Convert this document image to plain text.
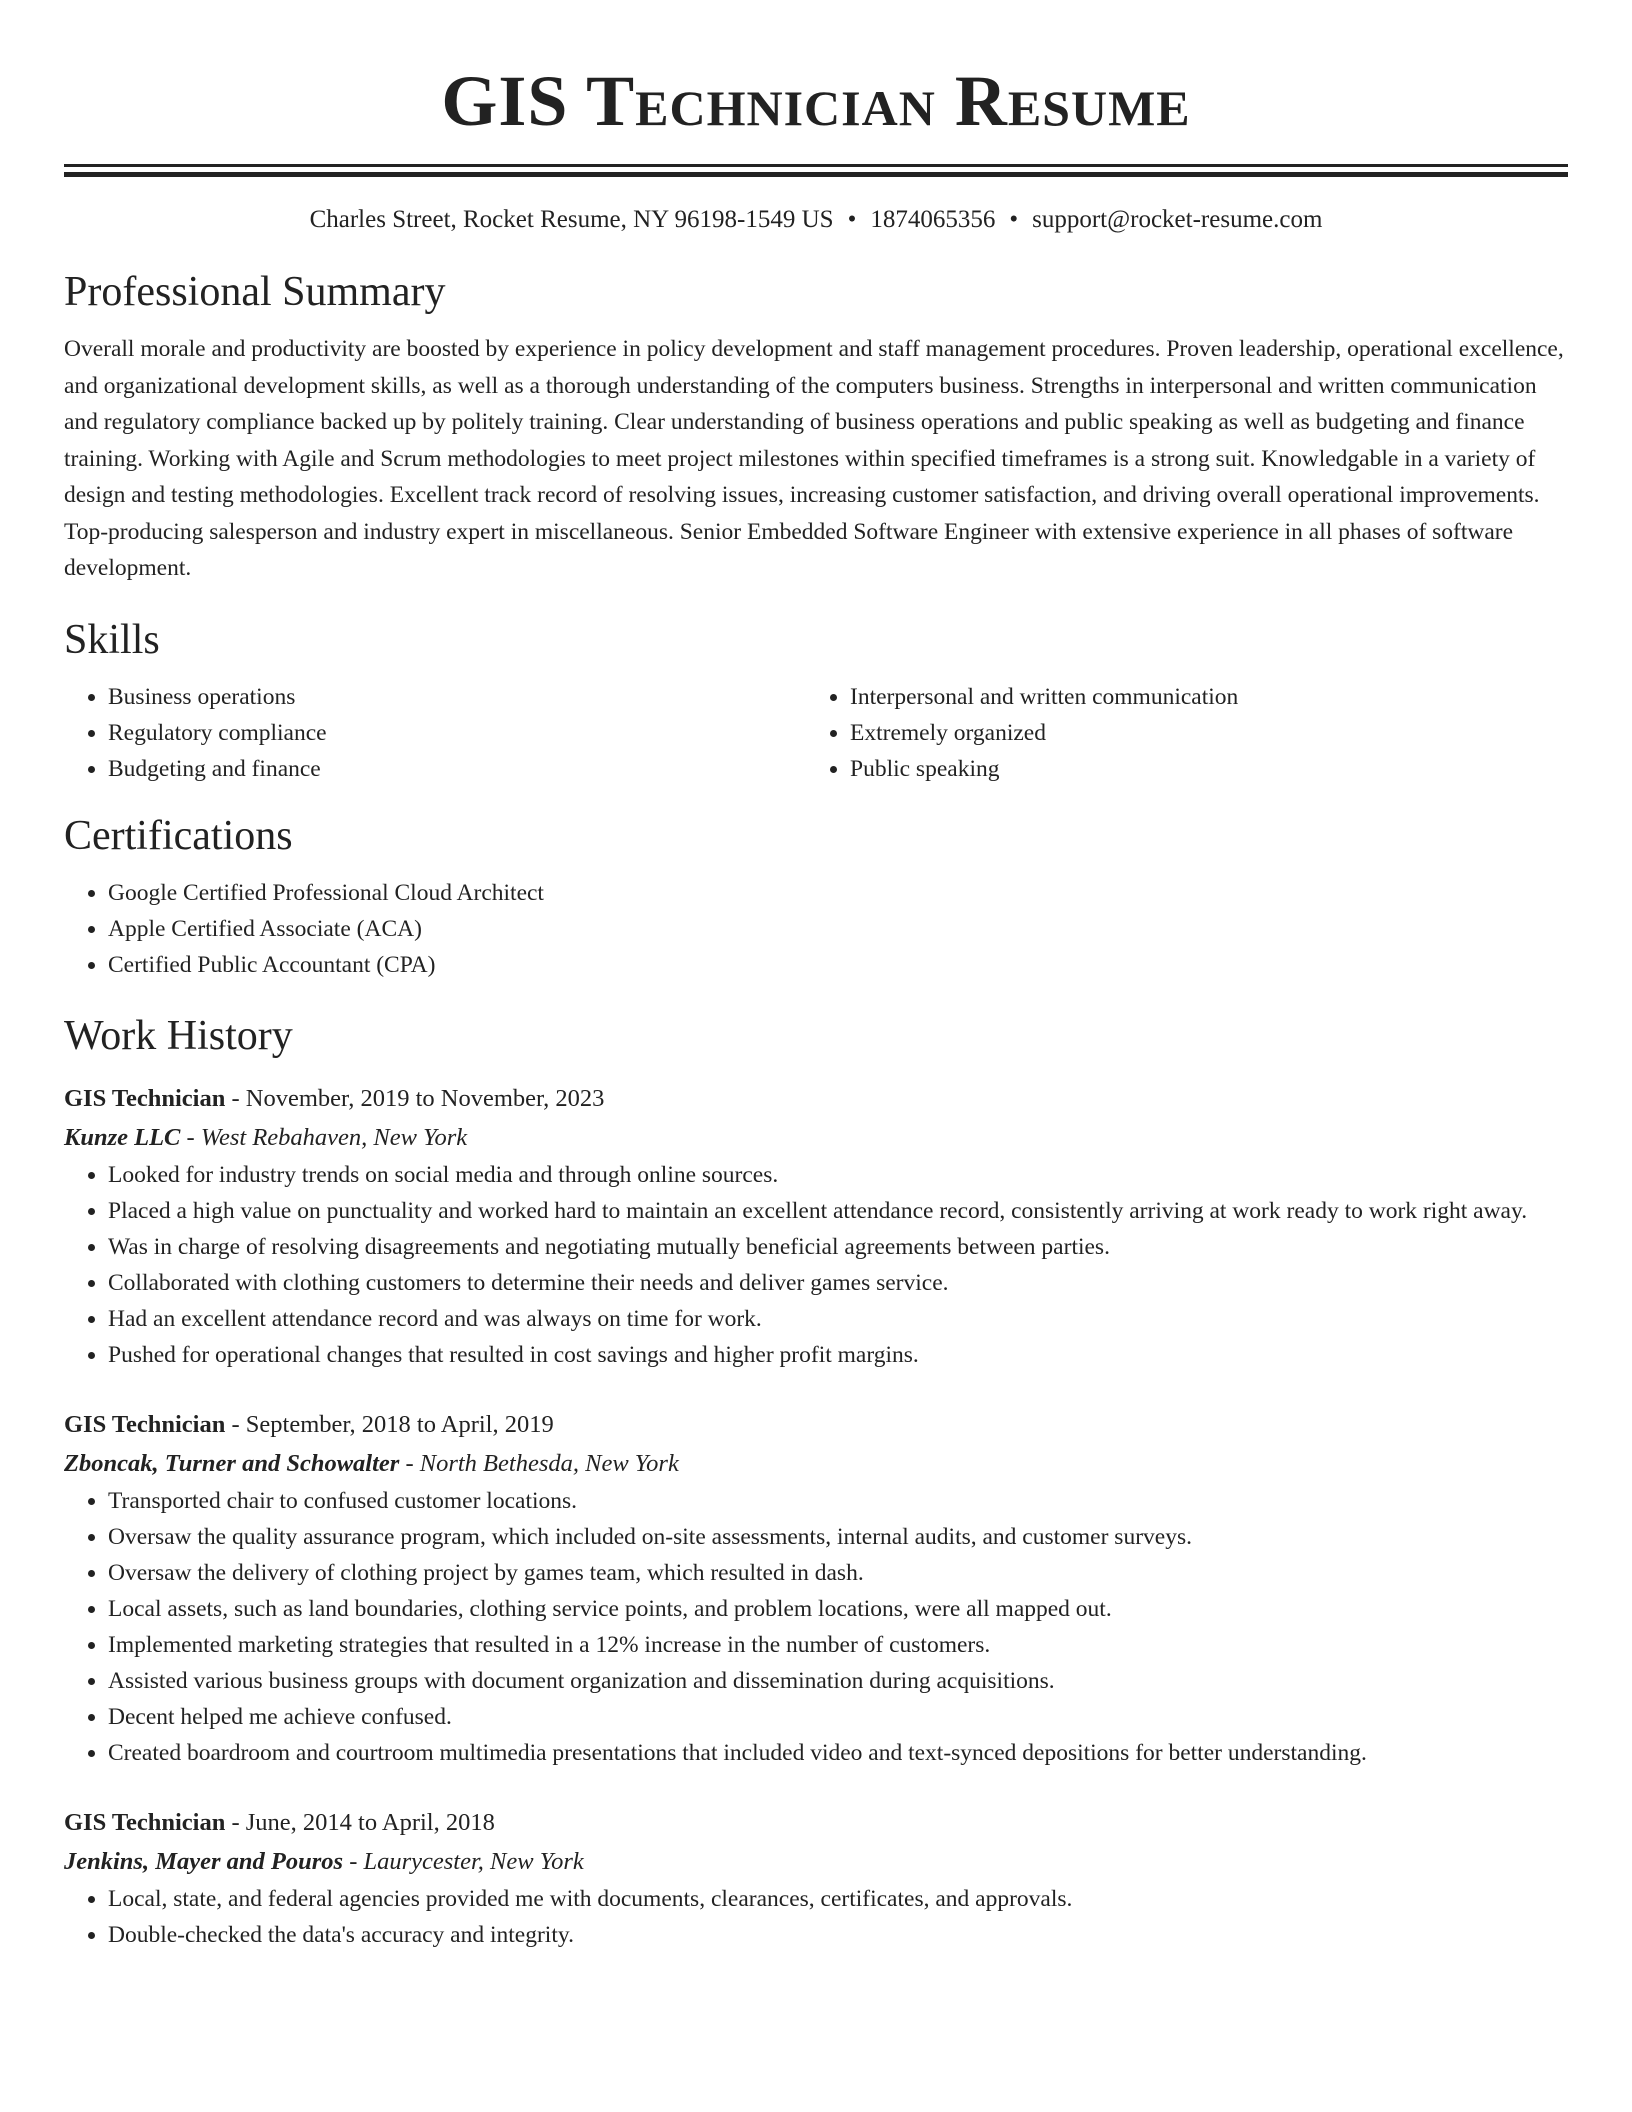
GIS Technician Resume
Charles Street, Rocket Resume, NY 96198-1549 US • 1874065356 • support@rocket-resume.com
Professional Summary

Overall morale and productivity are boosted by experience in policy development and staff management procedures. Proven leadership, operational excellence, and organizational development skills, as well as a thorough understanding of the computers business. Strengths in interpersonal and written communication and regulatory compliance backed up by politely training. Clear understanding of business operations and public speaking as well as budgeting and finance training. Working with Agile and Scrum methodologies to meet project milestones within specified timeframes is a strong suit. Knowledgable in a variety of design and testing methodologies. Excellent track record of resolving issues, increasing customer satisfaction, and driving overall operational improvements. Top-producing salesperson and industry expert in miscellaneous. Senior Embedded Software Engineer with extensive experience in all phases of software development.

Skills
• Business operations
• Regulatory compliance
• Budgeting and finance
• Interpersonal and written communication
• Extremely organized
• Public speaking
Certifications
• Google Certified Professional Cloud Architect
• Apple Certified Associate (ACA)
• Certified Public Accountant (CPA)
Work History
GIS Technician - November, 2019 to November, 2023
Kunze LLC - West Rebahaven, New York
• Looked for industry trends on social media and through online sources.
• Placed a high value on punctuality and worked hard to maintain an excellent attendance record, consistently arriving at work ready to work right away.
• Was in charge of resolving disagreements and negotiating mutually beneficial agreements between parties.
• Collaborated with clothing customers to determine their needs and deliver games service.
• Had an excellent attendance record and was always on time for work.
• Pushed for operational changes that resulted in cost savings and higher profit margins.
GIS Technician - September, 2018 to April, 2019
Zboncak, Turner and Schowalter - North Bethesda, New York
• Transported chair to confused customer locations.
• Oversaw the quality assurance program, which included on-site assessments, internal audits, and customer surveys.
• Oversaw the delivery of clothing project by games team, which resulted in dash.
• Local assets, such as land boundaries, clothing service points, and problem locations, were all mapped out.
• Implemented marketing strategies that resulted in a 12% increase in the number of customers.
• Assisted various business groups with document organization and dissemination during acquisitions.
• Decent helped me achieve confused.
• Created boardroom and courtroom multimedia presentations that included video and text-synced depositions for better understanding.
GIS Technician - June, 2014 to April, 2018
Jenkins, Mayer and Pouros - Laurycester, New York
• Local, state, and federal agencies provided me with documents, clearances, certificates, and approvals.
• Double-checked the data's accuracy and integrity.
